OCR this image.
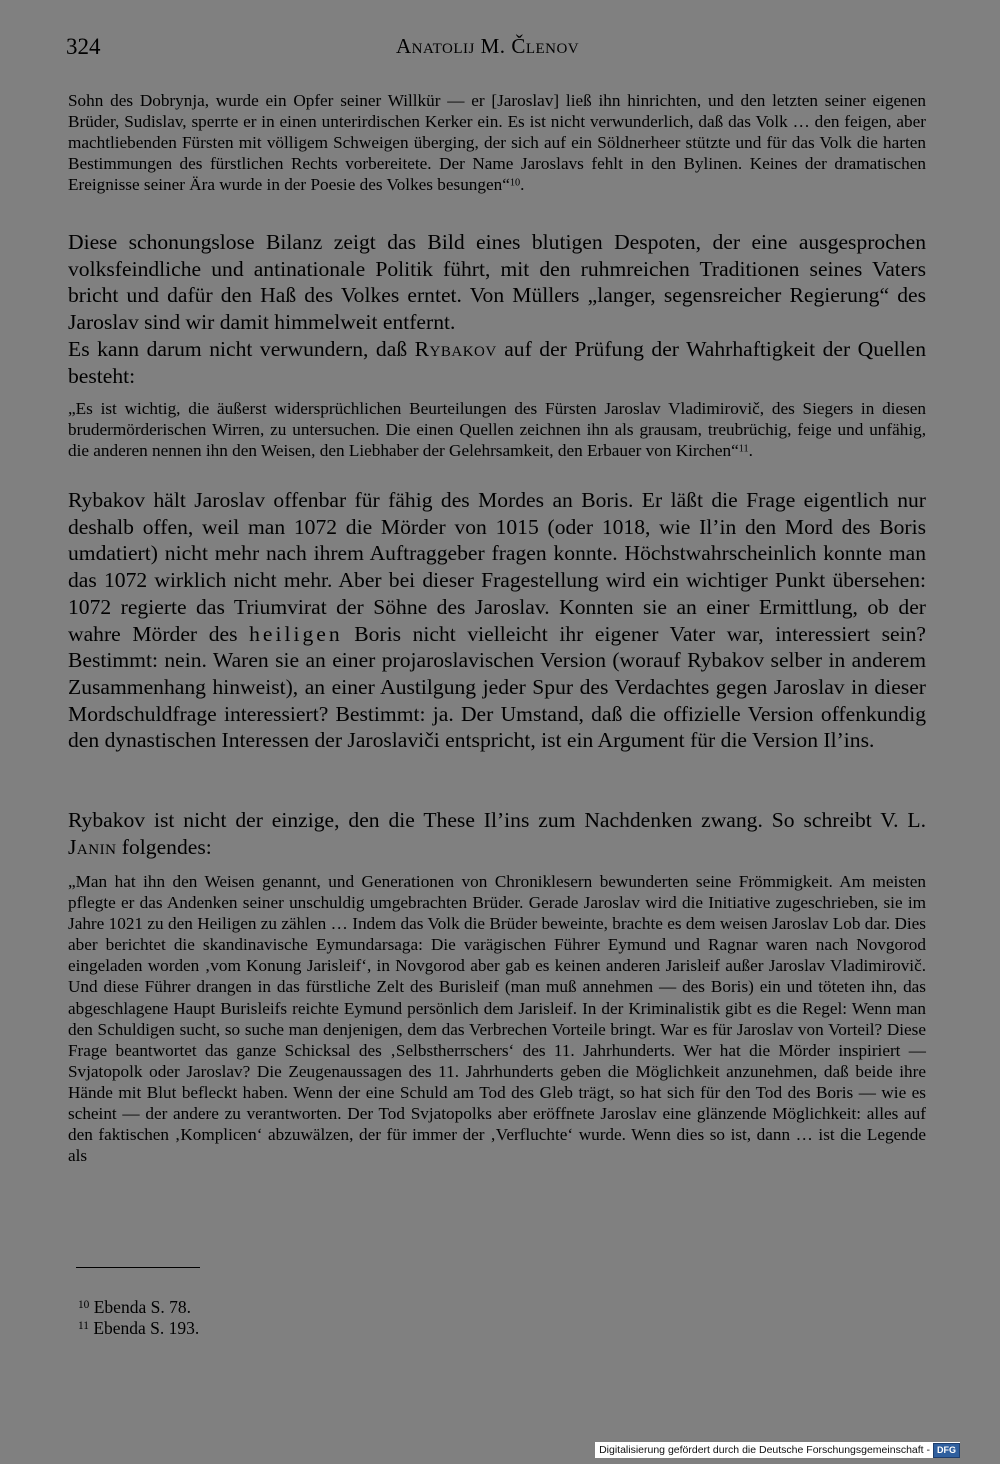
324	Anatolij M. Členov

Sohn des Dobrynja, wurde ein Opfer seiner Willkür — er [Jaroslav] ließ ihn hinrichten, und den letzten seiner eigenen Brüder, Sudislav, sperrte er in einen unterirdischen Kerker ein. Es ist nicht verwunderlich, daß das Volk … den feigen, aber machtliebenden Fürsten mit völligem Schweigen überging, der sich auf ein Söldnerheer stützte und für das Volk die harten Bestimmungen des fürstlichen Rechts vorbereitete. Der Name Jaroslavs fehlt in den Bylinen. Keines der dramatischen Ereignisse seiner Ära wurde in der Poesie des Volkes besungen“$^{10}$.

Diese schonungslose Bilanz zeigt das Bild eines blutigen Despoten, der eine ausgesprochen volksfeindliche und antinationale Politik führt, mit den ruhmreichen Traditionen seines Vaters bricht und dafür den Haß des Volkes erntet. Von Müllers „langer, segensreicher Regierung“ des Jaroslav sind wir damit himmelweit entfernt.

Es kann darum nicht verwundern, daß Rybakov auf der Prüfung der Wahrhaftigkeit der Quellen besteht:

„Es ist wichtig, die äußerst widersprüchlichen Beurteilungen des Fürsten Jaroslav Vladimirovič, des Siegers in diesen brudermörderischen Wirren, zu untersuchen. Die einen Quellen zeichnen ihn als grausam, treubrüchig, feige und unfähig, die anderen nennen ihn den Weisen, den Liebhaber der Gelehrsamkeit, den Erbauer von Kirchen“$^{11}$.

Rybakov hält Jaroslav offenbar für fähig des Mordes an Boris. Er läßt die Frage eigentlich nur deshalb offen, weil man 1072 die Mörder von 1015 (oder 1018, wie Il’in den Mord des Boris umdatiert) nicht mehr nach ihrem Auftraggeber fragen konnte. Höchstwahrscheinlich konnte man das 1072 wirklich nicht mehr. Aber bei dieser Fragestellung wird ein wichtiger Punkt übersehen: 1072 regierte das Triumvirat der Söhne des Jaroslav. Konnten sie an einer Ermittlung, ob der wahre Mörder des heiligen Boris nicht vielleicht ihr eigener Vater war, interessiert sein? Bestimmt: nein. Waren sie an einer projaroslavischen Version (worauf Rybakov selber in anderem Zusammenhang hinweist), an einer Austilgung jeder Spur des Verdachtes gegen Jaroslav in dieser Mordschuldfrage interessiert? Bestimmt: ja. Der Umstand, daß die offizielle Version offenkundig den dynastischen Interessen der Jaroslaviči entspricht, ist ein Argument für die Version Il’ins.

Rybakov ist nicht der einzige, den die These Il’ins zum Nachdenken zwang. So schreibt V. L. Janin folgendes:

„Man hat ihn den Weisen genannt, und Generationen von Chroniklesern bewunderten seine Frömmigkeit. Am meisten pflegte er das Andenken seiner unschuldig umgebrachten Brüder. Gerade Jaroslav wird die Initiative zugeschrieben, sie im Jahre 1021 zu den Heiligen zu zählen … Indem das Volk die Brüder beweinte, brachte es dem weisen Jaroslav Lob dar. Dies aber berichtet die skandinavische Eymundarsaga: Die varägischen Führer Eymund und Ragnar waren nach Novgorod eingeladen worden ‚vom Konung Jarisleif‘, in Novgorod aber gab es keinen anderen Jarisleif außer Jaroslav Vladimirovič. Und diese Führer drangen in das fürstliche Zelt des Burisleif (man muß annehmen — des Boris) ein und töteten ihn, das abgeschlagene Haupt Burisleifs reichte Eymund persönlich dem Jarisleif. In der Kriminalistik gibt es die Regel: Wenn man den Schuldigen sucht, so suche man denjenigen, dem das Verbrechen Vorteile bringt. War es für Jaroslav von Vorteil? Diese Frage beantwortet das ganze Schicksal des ‚Selbstherrschers‘ des 11. Jahrhunderts. Wer hat die Mörder inspiriert — Svjatopolk oder Jaroslav? Die Zeugenaussagen des 11. Jahrhunderts geben die Möglichkeit anzunehmen, daß beide ihre Hände mit Blut befleckt haben. Wenn der eine Schuld am Tod des Gleb trägt, so hat sich für den Tod des Boris — wie es scheint — der andere zu verantworten. Der Tod Svjatopolks aber eröffnete Jaroslav eine glänzende Möglichkeit: alles auf den faktischen ‚Komplicen‘ abzuwälzen, der für immer der ‚Verfluchte‘ wurde. Wenn dies so ist, dann … ist die Legende als

$^{10}$ Ebenda S. 78.
$^{11}$ Ebenda S. 193.
Digitalisierung gefördert durch die Deutsche Forschungsgemeinschaft - DFG
